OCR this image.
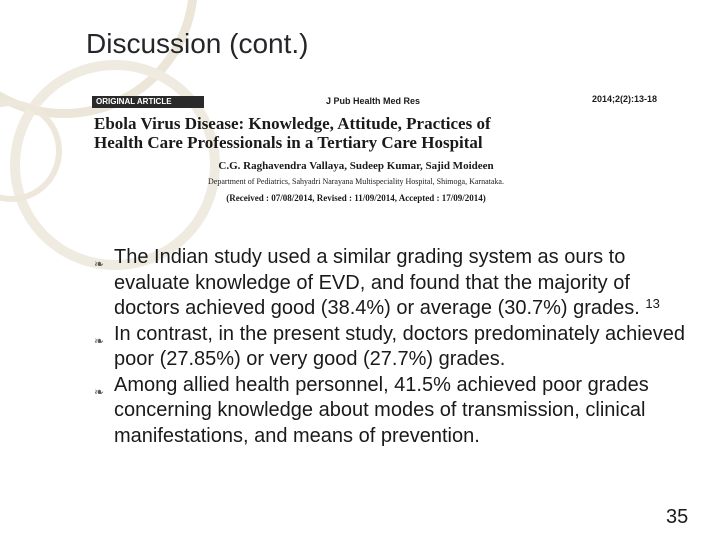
Discussion (cont.)
ORIGINAL ARTICLE	J Pub Health Med Res	2014;2(2):13-18
Ebola Virus Disease: Knowledge, Attitude, Practices of
Health Care Professionals in a Tertiary Care Hospital
C.G. Raghavendra Vallaya, Sudeep Kumar, Sajid Moideen
Department of Pediatrics, Sahyadri Narayana Multispeciality Hospital, Shimoga, Karnataka.
(Received : 07/08/2014, Revised : 11/09/2014, Accepted : 17/09/2014)
❧ The Indian study used a similar grading system as ours to evaluate knowledge of EVD, and found that the majority of doctors achieved good (38.4%) or average (30.7%) grades. $^{13}$
❧ In contrast, in the present study, doctors predominately achieved poor (27.85%) or very good (27.7%) grades.
❧ Among allied health personnel, 41.5% achieved poor grades concerning knowledge about modes of transmission, clinical manifestations, and means of prevention.
35
